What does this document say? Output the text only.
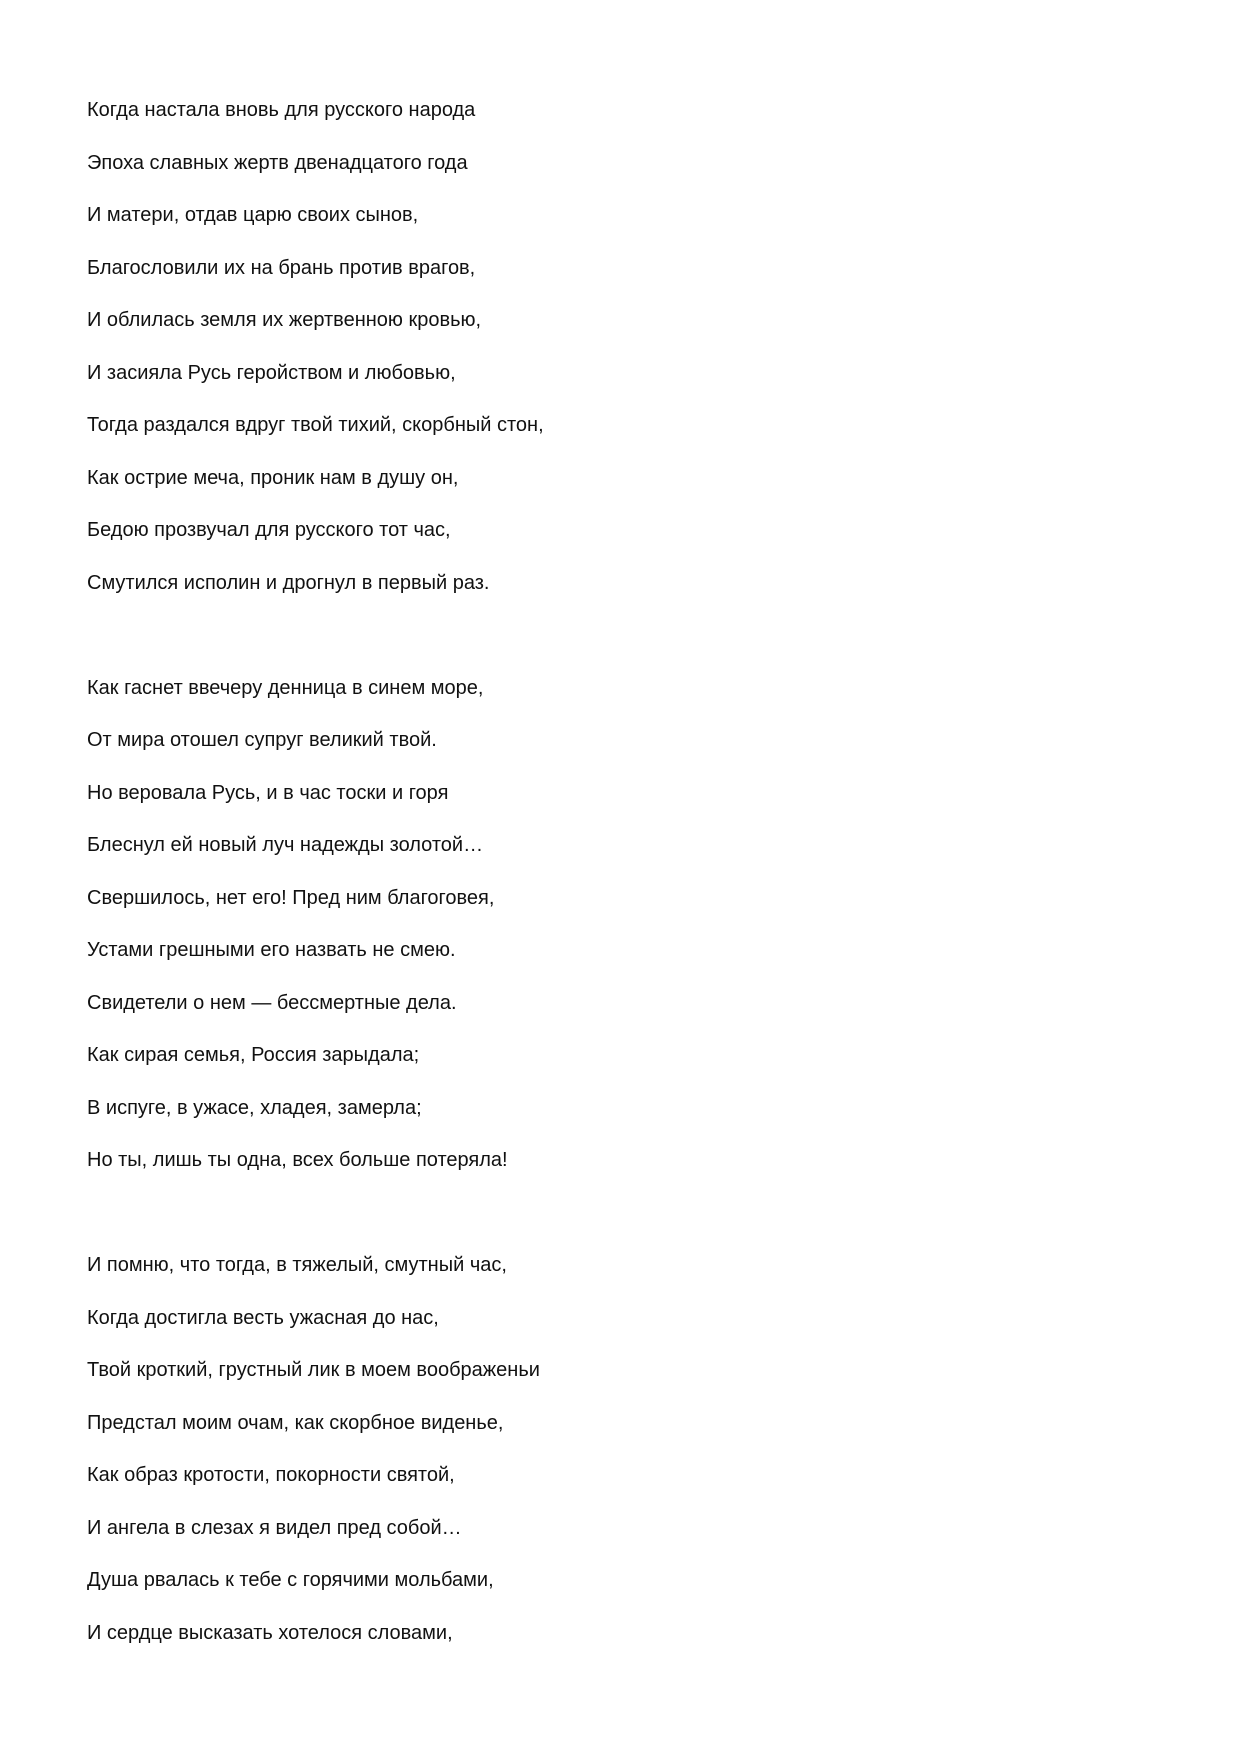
Когда настала вновь для русского народа
Эпоха славных жертв двенадцатого года
И матери, отдав царю своих сынов,
Благословили их на брань против врагов,
И облилась земля их жертвенною кровью,
И засияла Русь геройством и любовью,
Тогда раздался вдруг твой тихий, скорбный стон,
Как острие меча, проник нам в душу он,
Бедою прозвучал для русского тот час,
Смутился исполин и дрогнул в первый раз.
Как гаснет ввечеру денница в синем море,
От мира отошел супруг великий твой.
Но веровала Русь, и в час тоски и горя
Блеснул ей новый луч надежды золотой…
Свершилось, нет его! Пред ним благоговея,
Устами грешными его назвать не смею.
Свидетели о нем — бессмертные дела.
Как сирая семья, Россия зарыдала;
В испуге, в ужасе, хладея, замерла;
Но ты, лишь ты одна, всех больше потеряла!
И помню, что тогда, в тяжелый, смутный час,
Когда достигла весть ужасная до нас,
Твой кроткий, грустный лик в моем воображеньи
Предстал моим очам, как скорбное виденье,
Как образ кротости, покорности святой,
И ангела в слезах я видел пред собой…
Душа рвалась к тебе с горячими мольбами,
И сердце высказать хотелося словами,
